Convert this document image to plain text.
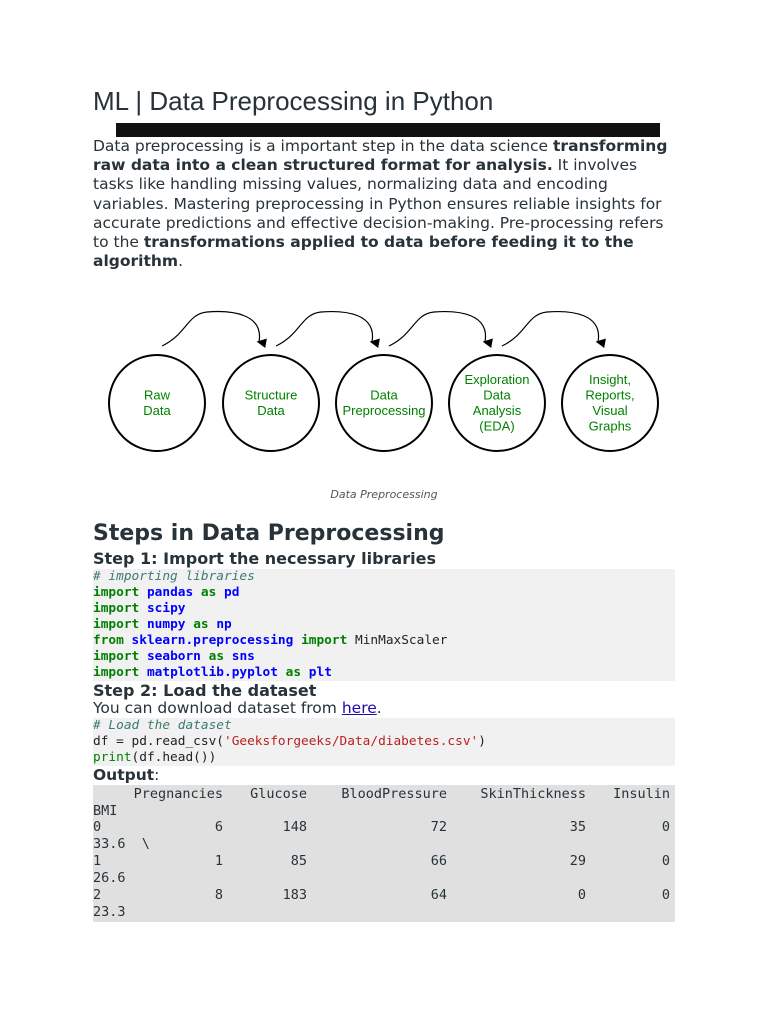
ML | Data Preprocessing in Python

Data preprocessing is a important step in the data science transforming raw data into a clean structured format for analysis. It involves tasks like handling missing values, normalizing data and encoding variables. Mastering preprocessing in Python ensures reliable insights for accurate predictions and effective decision-making. Pre-processing refers to the transformations applied to data before feeding it to the algorithm.

Raw
Data
Structure
Data
Data
Preprocessing
Exploration
Data
Analysis
(EDA)
Insight,
Reports,
Visual
Graphs
Data Preprocessing
Steps in Data Preprocessing
Step 1: Import the necessary libraries
# importing libraries
import pandas as pd
import scipy
import numpy as np
from sklearn.preprocessing import MinMaxScaler
import seaborn as sns
import matplotlib.pyplot as plt
Step 2: Load the dataset
You can download dataset from here.
# Load the dataset
df = pd.read_csv('Geeksforgeeks/Data/diabetes.csv')
print(df.head())
Output:
Pregnancies Glucose	BloodPressure SkinThickness Insulin
BMI
0	6	148	72	35	0
33.6  \
1	1	85	66	29	0
26.6
2	8	183	64	0	0
23.3
